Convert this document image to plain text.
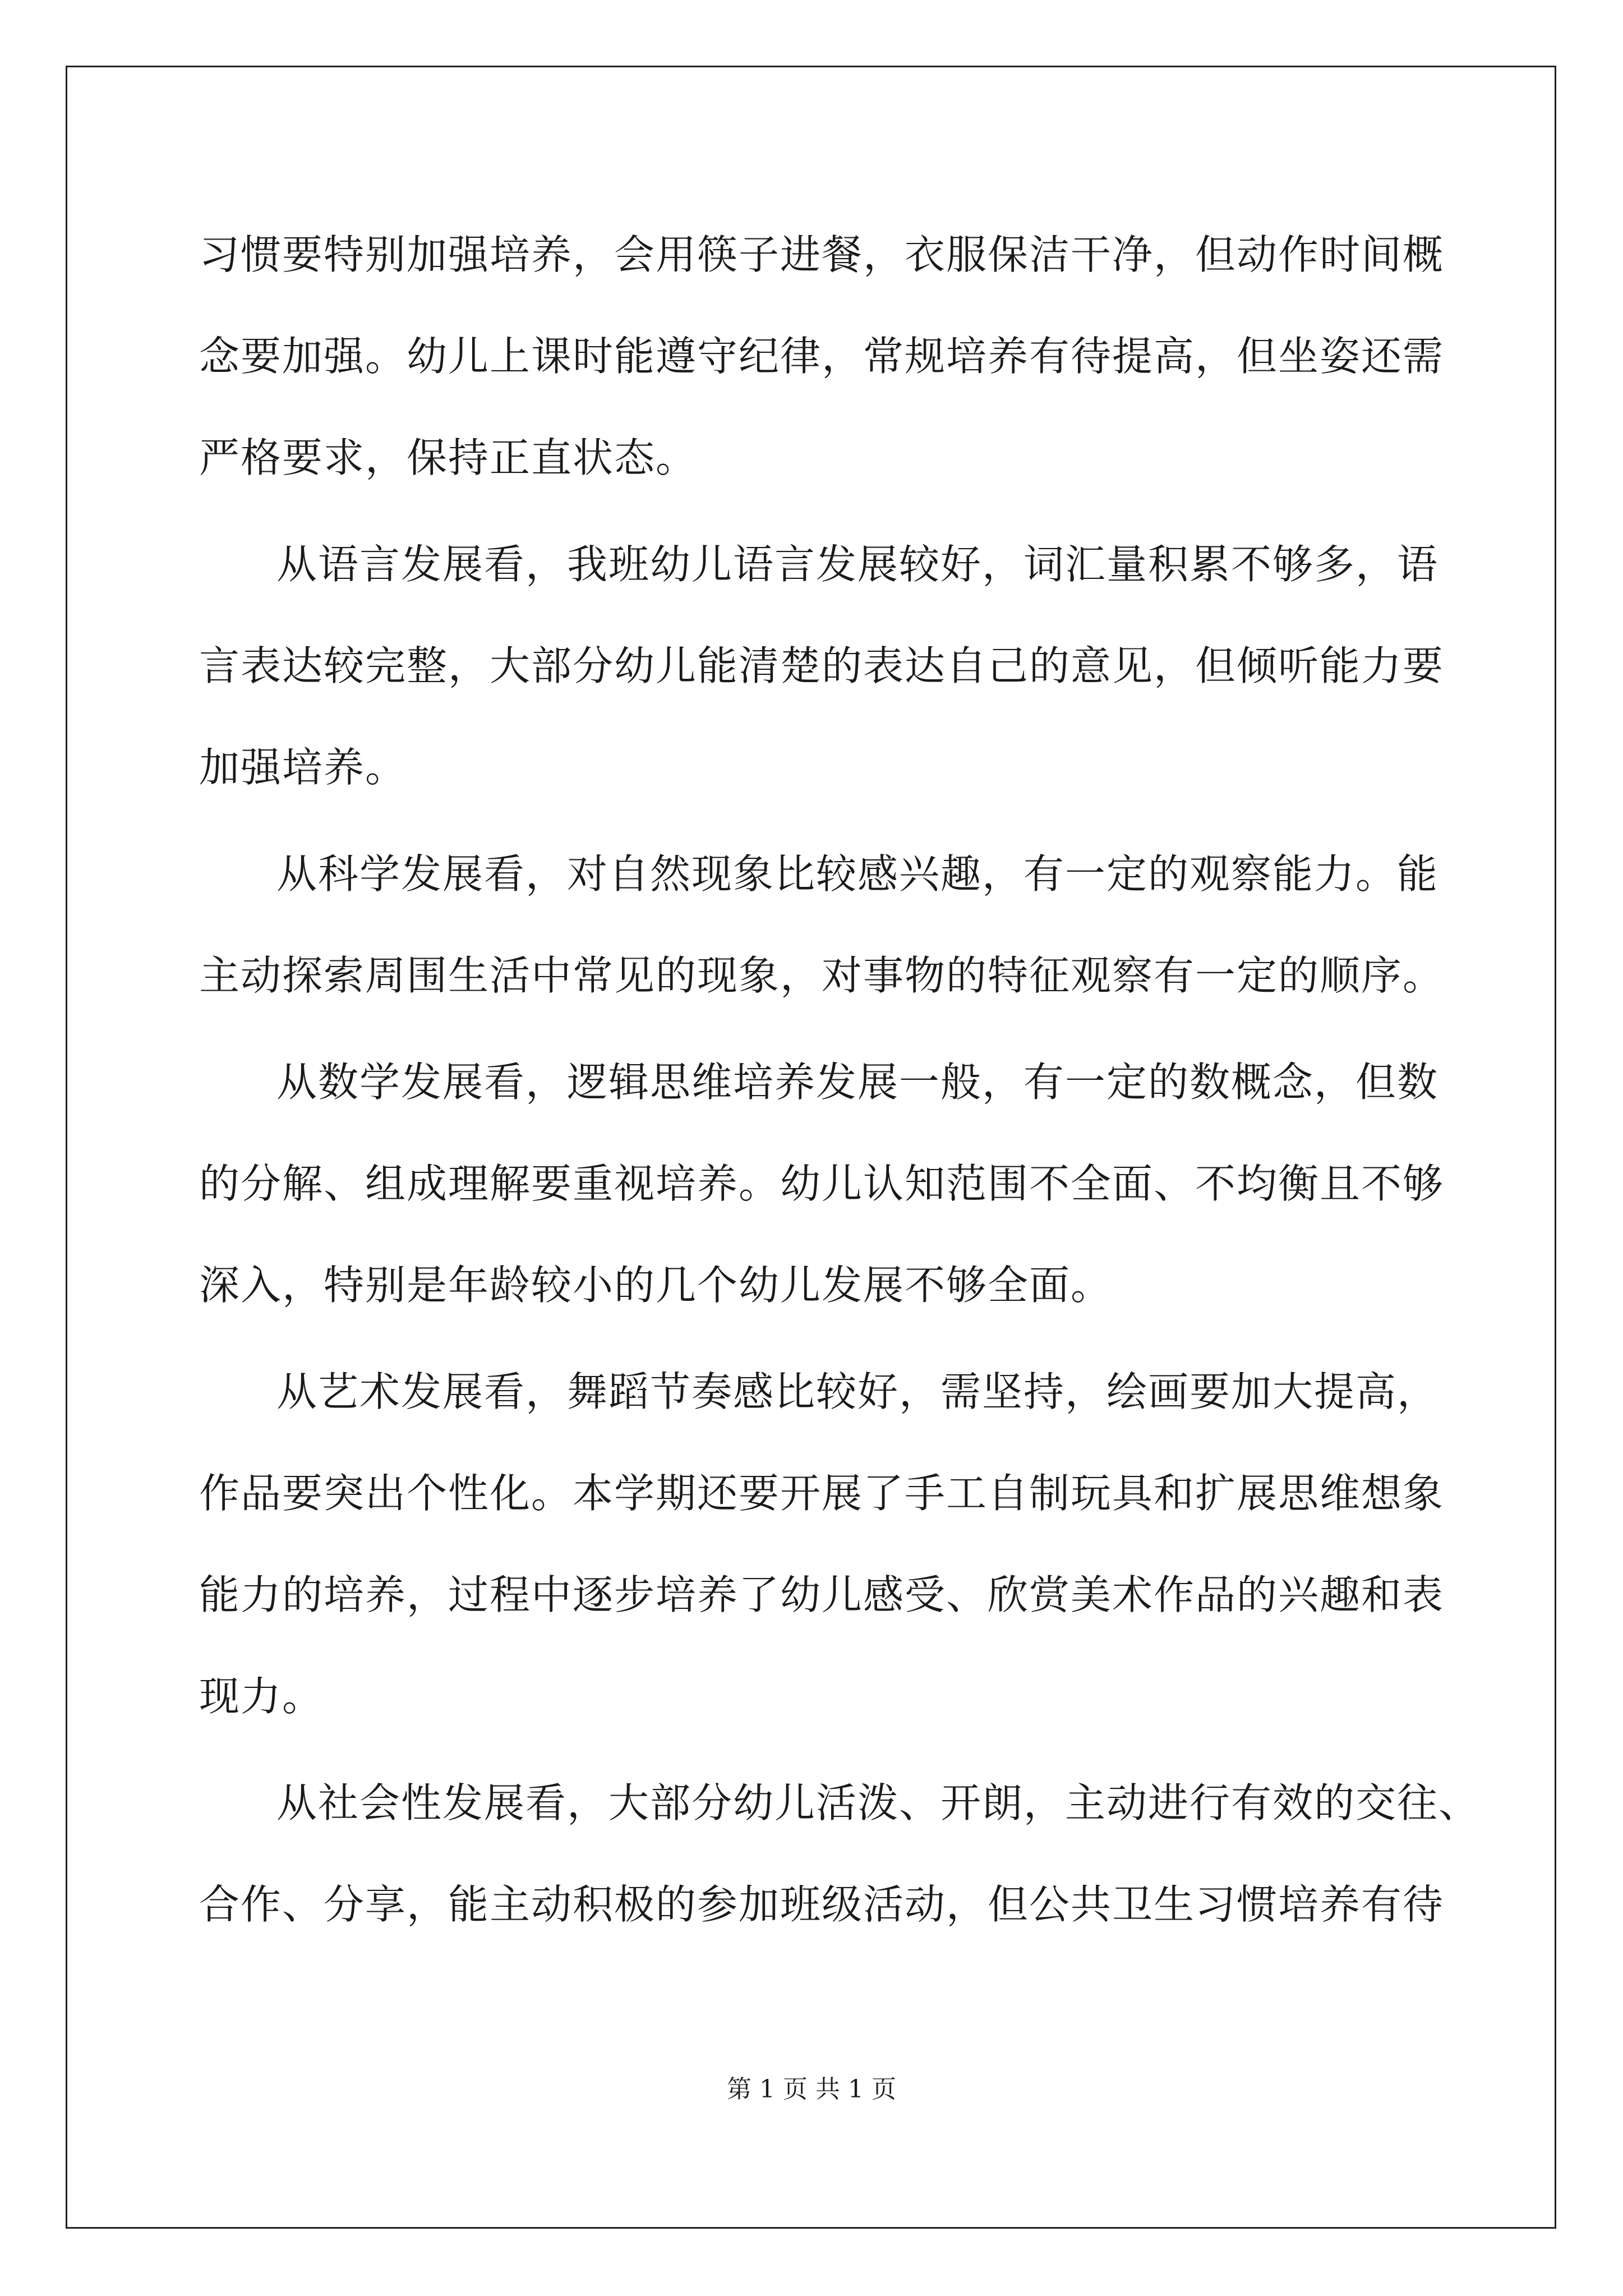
习惯要特别加强培养，会用筷子进餐，衣服保洁干净，但动作时间概
念要加强。幼儿上课时能遵守纪律，常规培养有待提高，但坐姿还需
严格要求，保持正直状态。
从语言发展看，我班幼儿语言发展较好，词汇量积累不够多，语
言表达较完整，大部分幼儿能清楚的表达自己的意见，但倾听能力要
加强培养。
从科学发展看，对自然现象比较感兴趣，有一定的观察能力。能
主动探索周围生活中常见的现象，对事物的特征观察有一定的顺序。
从数学发展看，逻辑思维培养发展一般，有一定的数概念，但数
的分解、组成理解要重视培养。幼儿认知范围不全面、不均衡且不够
深入，特别是年龄较小的几个幼儿发展不够全面。
从艺术发展看，舞蹈节奏感比较好，需坚持，绘画要加大提高，
作品要突出个性化。本学期还要开展了手工自制玩具和扩展思维想象
能力的培养，过程中逐步培养了幼儿感受、欣赏美术作品的兴趣和表
现力。
从社会性发展看，大部分幼儿活泼、开朗，主动进行有效的交往、
合作、分享，能主动积极的参加班级活动，但公共卫生习惯培养有待
第 1 页 共 1 页
